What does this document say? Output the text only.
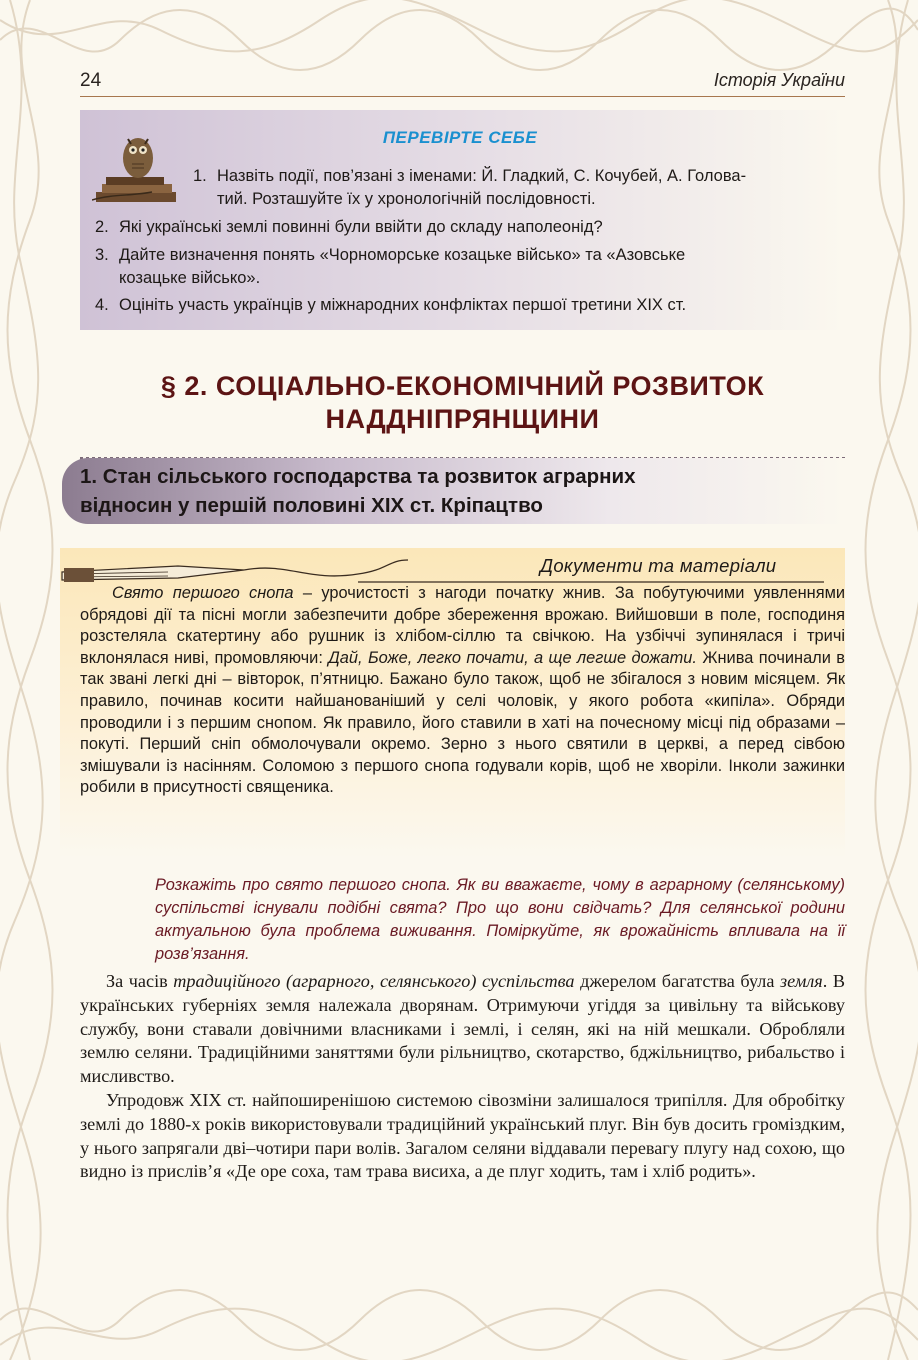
24	Історія України
ПЕРЕВІРТЕ СЕБЕ
1. Назвіть події, пов’язані з іменами: Й. Гладкий, С. Кочубей, А. Голова-
тий. Розташуйте їх у хронологічній послідовності.
2. Які українські землі повинні були ввійти до складу наполеонід?
3. Дайте визначення понять «Чорноморське козацьке військо» та «Азовське
козацьке військо».
4. Оцініть участь українців у міжнародних конфліктах першої третини XIX ст.
§ 2. СОЦІАЛЬНО-ЕКОНОМІЧНИЙ РОЗВИТОК
НАДДНІПРЯНЩИНИ
1. Стан сільського господарства та розвиток аграрних
відносин у першій половині XIX ст. Кріпацтво
Документи та матеріали
Свято першого снопа – урочистості з нагоди початку жнив. За побутуючими уявленнями обрядові дії та пісні могли забезпечити добре збереження врожаю. Вийшовши в поле, господиня розстеляла скатертину або рушник із хлібом-сіллю та свічкою. На узбіччі зупинялася і тричі вклонялася ниві, промовляючи: Дай, Боже, легко почати, а ще легше дожати. Жнива починали в так звані легкі дні – вівторок, п’ятницю. Бажано було також, щоб не збігалося з новим місяцем. Як правило, починав косити найшанованіший у селі чоловік, у якого робота «кипіла». Обряди проводили і з першим снопом. Як правило, його ставили в хаті на почесному місці під образами – покуті. Перший сніп обмолочували окремо. Зерно з нього святили в церкві, а перед сівбою змішували із насінням. Соломою з першого снопа годували корів, щоб не хворіли. Інколи зажинки робили в присутності священика.
Розкажіть про свято першого снопа. Як ви вважаєте, чому в аграрному (селянському) суспільстві існували подібні свята? Про що вони свідчать? Для селянської родини актуальною була проблема виживання. Поміркуйте, як врожайність впливала на її розв’язання.

За часів традиційного (аграрного, селянського) суспільства джерелом багатства була земля. В українських губерніях земля належала дворянам. Отримуючи угіддя за цивільну та військову службу, вони ставали довічними власниками і землі, і селян, які на ній мешкали. Обробляли землю селяни. Традиційними заняттями були рільництво, скотарство, бджільництво, рибальство і мисливство.

Упродовж XIX ст. найпоширенішою системою сівозміни залишалося трипілля. Для обробітку землі до 1880-х років використовували традиційний український плуг. Він був досить громіздким, у нього запрягали дві–чотири пари волів. Загалом селяни віддавали перевагу плугу над сохою, що видно із прислів’я «Де оре соха, там трава висиха, а де плуг ходить, там і хліб родить».
